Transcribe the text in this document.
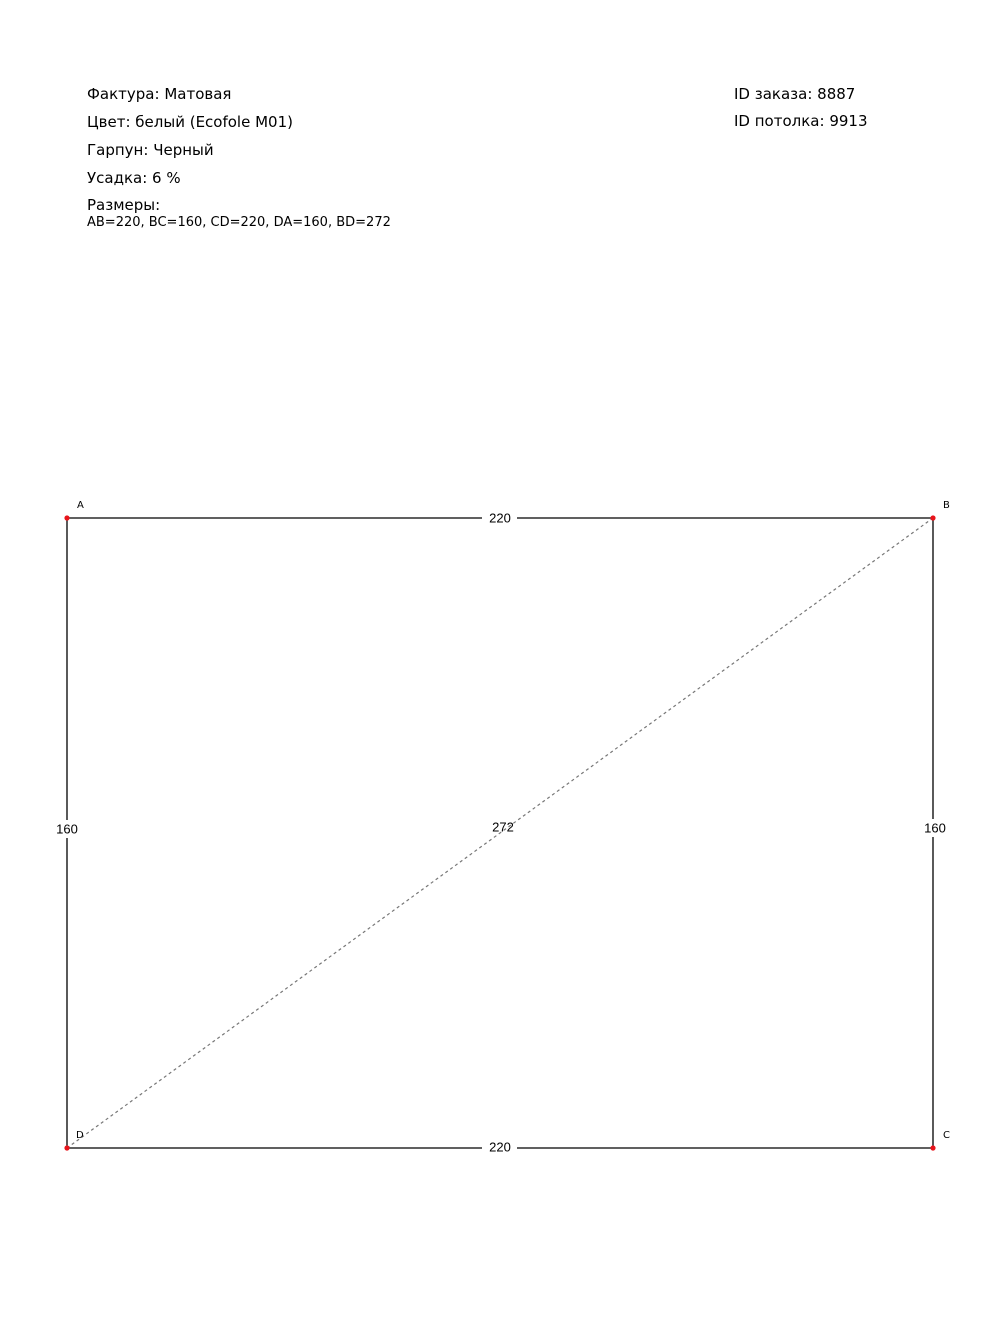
Фактура: Матовая
Цвет: белый (Ecofole M01)
Гарпун: Черный
Усадка: 6 %
Размеры:
AB=220, BC=160, CD=220, DA=160, BD=272
ID заказа: 8887
ID потолка: 9913
220
220
160	160
272
A	B
C
D
